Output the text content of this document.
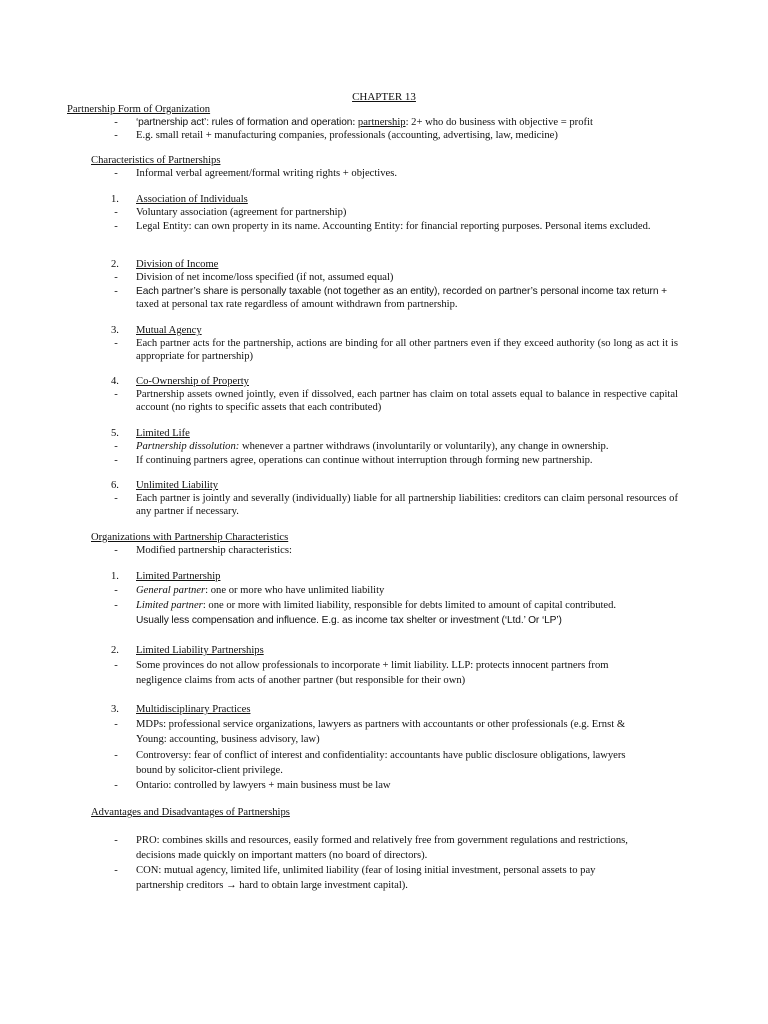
CHAPTER 13
Partnership Form of Organization
-	‘partnership act’: rules of formation and operation: partnership: 2+ who do business with objective = profit
-	E.g. small retail + manufacturing companies, professionals (accounting, advertising, law, medicine)
Characteristics of Partnerships
-	Informal verbal agreement/formal writing rights + objectives.
1. Association of Individuals
-	Voluntary association (agreement for partnership)
-	Legal Entity: can own property in its name. Accounting Entity: for financial reporting purposes. Personal items excluded.
2. Division of Income
-	Division of net income/loss specified (if not, assumed equal)
-	Each partner’s share is personally taxable (not together as an entity), recorded on partner’s personal income tax return +
taxed at personal tax rate regardless of amount withdrawn from partnership.
3. Mutual Agency
-	Each partner acts for the partnership, actions are binding for all other partners even if they exceed authority (so long as act it is appropriate for partnership)
4. Co-Ownership of Property
-	Partnership assets owned jointly, even if dissolved, each partner has claim on total assets equal to balance in respective capital account (no rights to specific assets that each contributed)
5. Limited Life
-	Partnership dissolution: whenever a partner withdraws (involuntarily or voluntarily), any change in ownership.
-	If continuing partners agree, operations can continue without interruption through forming new partnership.
6. Unlimited Liability
-	Each partner is jointly and severally (individually) liable for all partnership liabilities: creditors can claim personal resources of any partner if necessary.
Organizations with Partnership Characteristics
-	Modified partnership characteristics:
1. Limited Partnership
-	General partner: one or more who have unlimited liability
-	Limited partner: one or more with limited liability, responsible for debts limited to amount of capital contributed.
Usually less compensation and influence. E.g. as income tax shelter or investment (‘Ltd.’ Or ‘LP’)
2. Limited Liability Partnerships
-	Some provinces do not allow professionals to incorporate + limit liability. LLP: protects innocent partners from
negligence claims from acts of another partner (but responsible for their own)
3. Multidisciplinary Practices
-	MDPs: professional service organizations, lawyers as partners with accountants or other professionals (e.g. Ernst &
Young: accounting, business advisory, law)
-	Controversy: fear of conflict of interest and confidentiality: accountants have public disclosure obligations, lawyers
bound by solicitor-client privilege.
-	Ontario: controlled by lawyers + main business must be law
Advantages and Disadvantages of Partnerships
-	PRO: combines skills and resources, easily formed and relatively free from government regulations and restrictions,
decisions made quickly on important matters (no board of directors).
-	CON: mutual agency, limited life, unlimited liability (fear of losing initial investment, personal assets to pay
partnership creditors → hard to obtain large investment capital).
